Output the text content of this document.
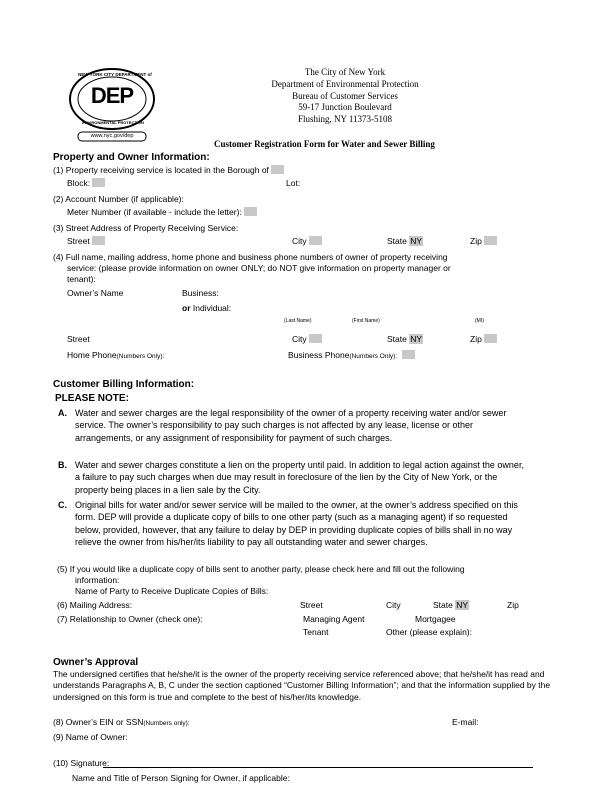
NEW YORK CITY DEPARTMENT of
DEP
ENVIRONMENTAL PROTECTION
www.nyc.gov/dep
The City of New York
Department of Environmental Protection
Bureau of Customer Services
59-17 Junction Boulevard
Flushing, NY 11373-5108
Customer Registration Form for Water and Sewer Billing
Property and Owner Information:
(1) Property receiving service is located in the Borough of
Block:	Lot:
(2) Account Number (if applicable):
Meter Number (if available - include the letter):
(3) Street Address of Property Receiving Service:
Street	City	State NY	Zip
(4) Full name, mailing address, home phone and business phone numbers of owner of property receiving
service: (please provide information on owner ONLY; do NOT give information on property manager or
tenant):
Owner’s Name	Business:
or Individual:
(Last Name)	(First Name)	(MI)
Street	City	State NY	Zip
Home Phone(Numbers Only):	Business Phone(Numbers Only):
Customer Billing Information:
PLEASE NOTE:
A. Water and sewer charges are the legal responsibility of the owner of a property receiving water and/or sewer service. The owner’s responsibility to pay such charges is not affected by any lease, license or other arrangements, or any assignment of responsibility for payment of such charges.
B. Water and sewer charges constitute a lien on the property until paid. In addition to legal action against the owner, a failure to pay such charges when due may result in foreclosure of the lien by the City of New York, or the property being places in a lien sale by the City.
C. Original bills for water and/or sewer service will be mailed to the owner, at the owner’s address specified on this form. DEP will provide a duplicate copy of bills to one other party (such as a managing agent) if so requested below, provided, however, that any failure to delay by DEP in providing duplicate copies of bills shall in no way relieve the owner from his/her/its liability to pay all outstanding water and sewer charges.
(5) If you would like a duplicate copy of bills sent to another party, please check here and fill out the following
information:
Name of Party to Receive Duplicate Copies of Bills:
(6) Mailing Address:	Street	City	State NY	Zip
(7) Relationship to Owner (check one):	Managing Agent	Mortgagee
Tenant	Other (please explain):
Owner’s Approval
The undersigned certifies that he/she/it is the owner of the property receiving service referenced above; that he/she/it has read and understands Paragraphs A, B, C under the section captioned “Customer Billing Information”; and that the information supplied by the undersigned on this form is true and complete to the best of his/her/its knowledge.
(8) Owner’s EIN or SSN(Numbers only):	E-mail:
(9) Name of Owner:
(10) Signature:
Name and Title of Person Signing for Owner, if applicable:
